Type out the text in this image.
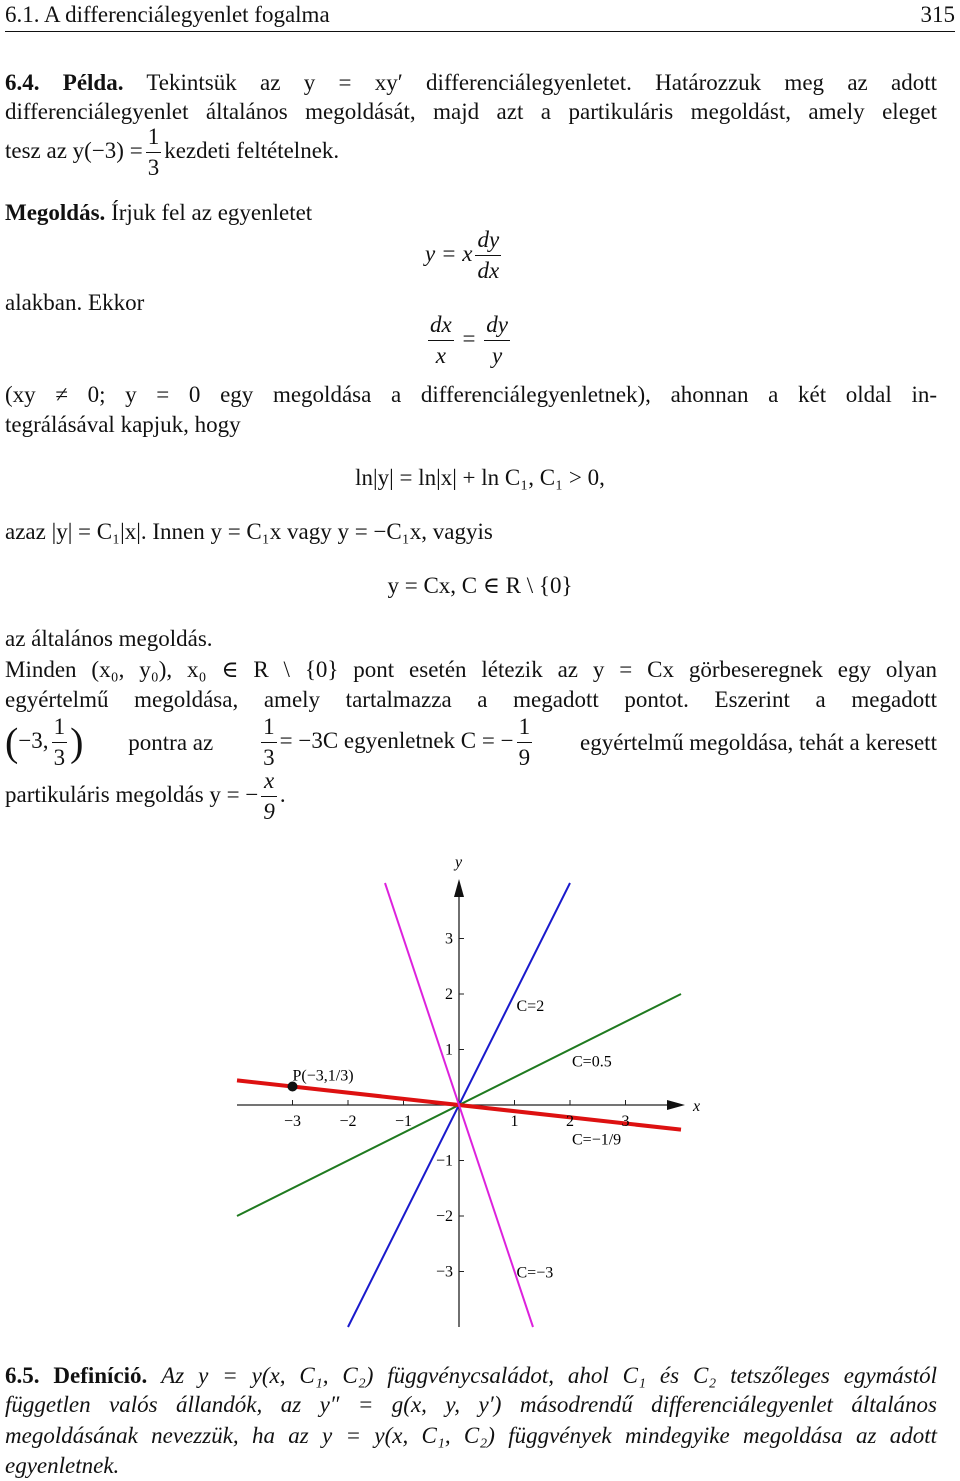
6.1. A differenciálegyenlet fogalma	315
6.4. Példa. Tekintsük az y = xy′ differenciálegyenletet. Határozzuk meg az adott
differenciálegyenlet általános megoldását, majd azt a partikuláris megoldást, amely eleget
tesz az $y(-3) = \frac{1}{3}$ kezdeti feltételnek.
Megoldás. Írjuk fel az egyenletet
y = x $\frac{dy}{dx}$
alakban. Ekkor
$\frac{dx}{x} = \frac{dy}{y}$
(xy ≠ 0; y = 0 egy megoldása a differenciálegyenletnek), ahonnan a két oldal in-
tegrálásával kapjuk, hogy
ln|y| = ln|x| + ln C₁, C₁ > 0,
azaz |y| = C₁|x|. Innen y = C₁x vagy y = −C₁x, vagyis
y = Cx, C ∈ R \ {0}
az általános megoldás.
Minden (x₀, y₀), x₀ ∈ R \ {0} pont esetén létezik az y = Cx görbeseregnek egy olyan
egyértelmű megoldása, amely tartalmazza a megadott pontot. Eszerint a megadott
(−3, $\frac{1}{3}$ ) pontra az $\frac{1}{3} = -3C$ egyenletnek C = − $\frac{1}{9}$ egyértelmű megoldása, tehát a keresett
partikuláris megoldás y = − $\frac{x}{9}$ .
x
y
−3 −2 −1	1	2	3
−3
−2
−1
1
2
3
C=2
C=0.5
C=−1/9
C=−3
P(−3,1/3)
6.5. Definíció. Az y = y(x, C₁, C₂) függvénycsaládot, ahol C₁ és C₂ tetszőleges egymástól
független valós állandók, az y″ = g(x, y, y′) másodrendű differenciálegyenlet általános
megoldásának nevezzük, ha az y = y(x, C₁, C₂) függvények mindegyike megoldása az adott
egyenletnek.
